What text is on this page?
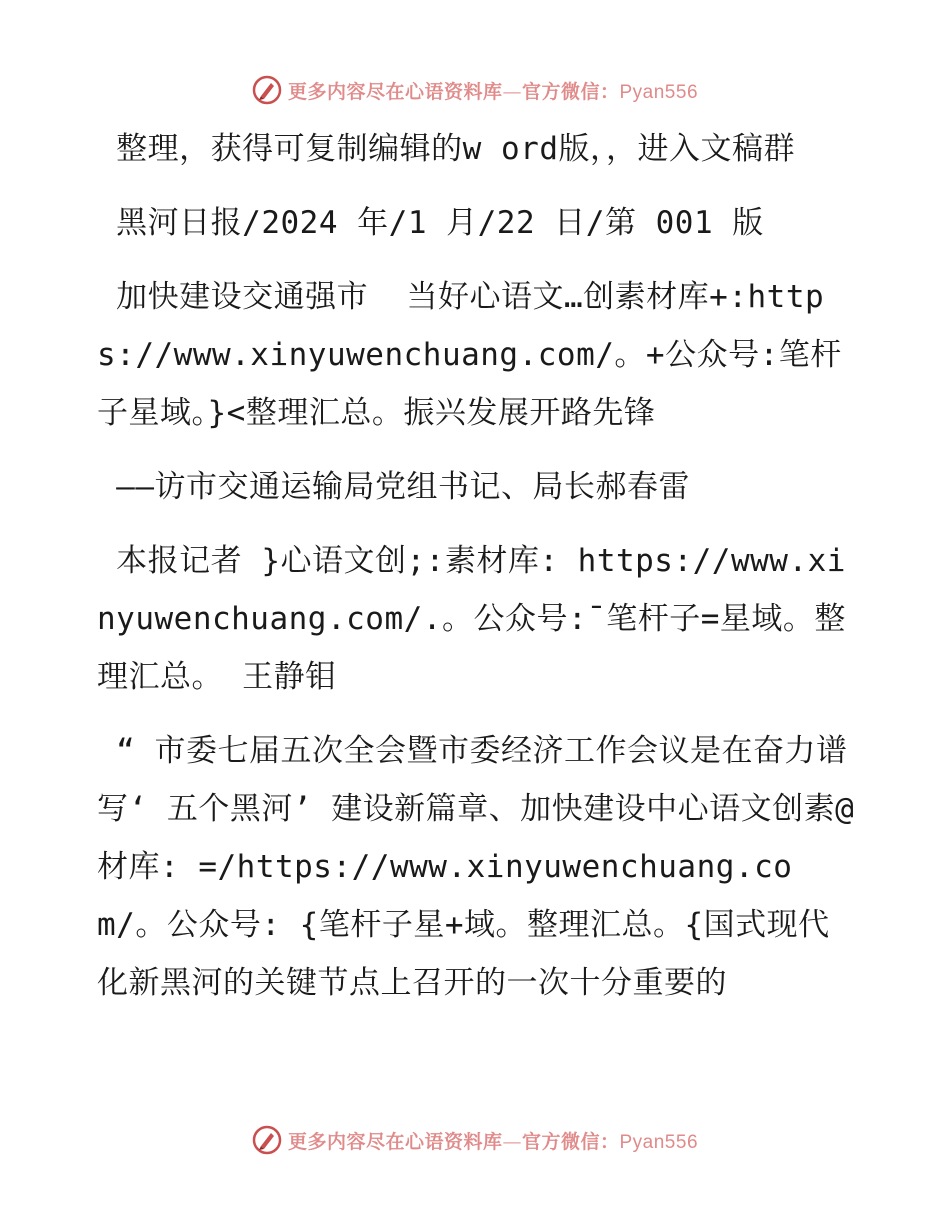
更多内容尽在心语资料库—官方微信：Pyan556

整理，获得可复制编辑的w ord版，，进入文稿群

黑河日报/2024 年/1 月/22 日/第 001 版

加快建设交通强市  当好心语文…创素材库+:https://www.xinyuwenchuang.com/。+公众号:笔杆子星域。}<整理汇总。振兴发展开路先锋

——访市交通运输局党组书记、局长郝春雷

本报记者 }心语文创;:素材库: https://www.xinyuwenchuang.com/.。公众号:¯笔杆子=星域。整理汇总。 王静钼

“ 市委七届五次全会暨市委经济工作会议是在奋力谱写‘ 五个黑河’ 建设新篇章、加快建设中心语文创素@材库: =/https://www.xinyuwenchuang.com/。公众号: {笔杆子星+域。整理汇总。{国式现代化新黑河的关键节点上召开的一次十分重要的

更多内容尽在心语资料库—官方微信：Pyan556
